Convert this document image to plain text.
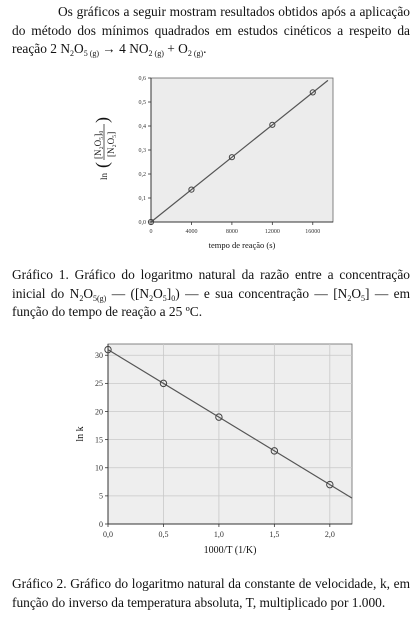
Os gráficos a seguir mostram resultados obtidos após a aplicação do método dos mínimos quadrados em estudos cinéticos a respeito da reação 2 $N_2O_{5 (g)} \to 4$ $NO_{2 (g)} + O_{2 (g)}$.
0	4000	8000	12000	16000
0,0
0,1
0,2
0,3
0,4
0,5
0,6
tempo de reação (s)
ln
(
[N₂O₅]₀ [N₂O₅]
)
Gráfico 1. Gráfico do logaritmo natural da razão entre a concentração inicial do $N_2O_{5(g)}$ — $([N_2O_5]_0)$ — e sua concentração — $[N_2O_5]$ — em função do tempo de reação a 25 ºC.
0,0	0,5	1,0	1,5	2,0
0
5
10
15
20
25
30
1000/T (1/K)
ln k
Gráfico 2. Gráfico do logaritmo natural da constante de velocidade, k, em função do inverso da temperatura absoluta, T, multiplicado por 1.000.
